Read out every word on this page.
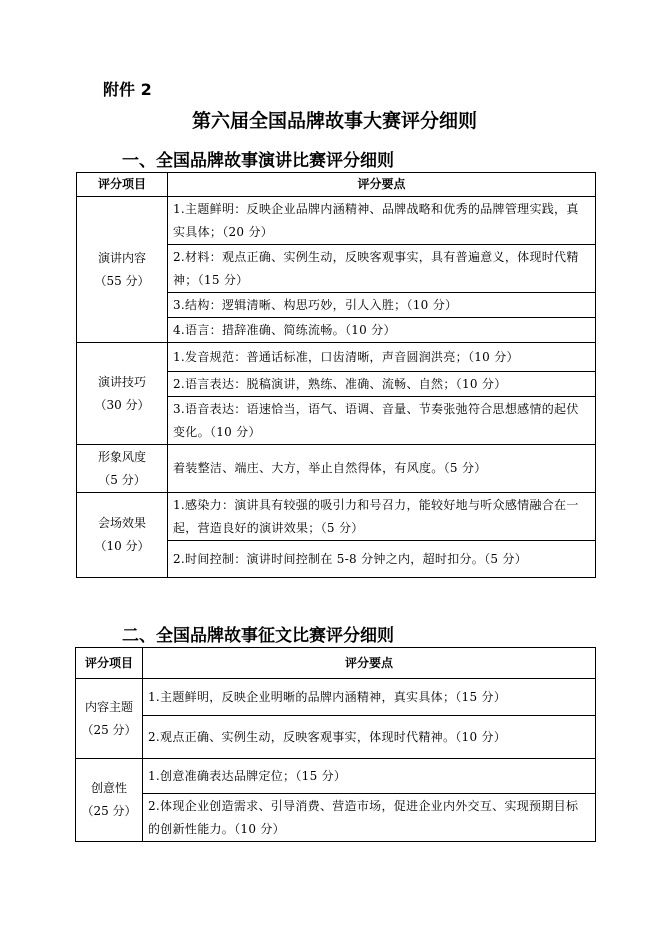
附件 2
第六届全国品牌故事大赛评分细则
一、全国品牌故事演讲比赛评分细则
评分项目	评分要点

演讲内容
（55 分）	1.主题鲜明：反映企业品牌内涵精神、品牌战略和优秀的品牌管理实践，真实具体；（20 分）
	2.材料：观点正确、实例生动，反映客观事实，具有普遍意义，体现时代精神；（15 分）
	3.结构：逻辑清晰、构思巧妙，引人入胜；（10 分）
	4.语言：措辞准确、简练流畅。（10 分）

演讲技巧
（30 分）	1.发音规范：普通话标准，口齿清晰，声音圆润洪亮；（10 分）
	2.语言表达：脱稿演讲，熟练、准确、流畅、自然；（10 分）
	3.语音表达：语速恰当，语气、语调、音量、节奏张弛符合思想感情的起伏变化。（10 分）

形象风度
（5 分）	着装整洁、端庄、大方，举止自然得体，有风度。（5 分）

会场效果
（10 分）	1.感染力：演讲具有较强的吸引力和号召力，能较好地与听众感情融合在一起，营造良好的演讲效果；（5 分）
	2.时间控制：演讲时间控制在 5-8 分钟之内，超时扣分。（5 分）
二、全国品牌故事征文比赛评分细则
评分项目	评分要点

内容主题
（25 分）	1.主题鲜明，反映企业明晰的品牌内涵精神，真实具体；（15 分）
	2.观点正确、实例生动，反映客观事实，体现时代精神。（10 分）

创意性
（25 分）	1.创意准确表达品牌定位；（15 分）
	2.体现企业创造需求、引导消费、营造市场，促进企业内外交互、实现预期目标的创新性能力。（10 分）
